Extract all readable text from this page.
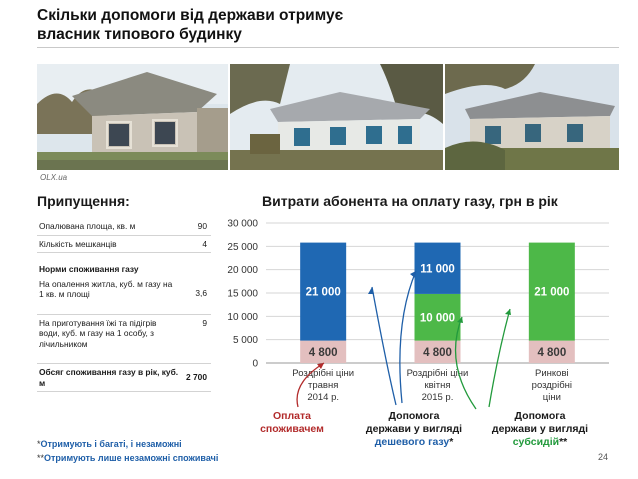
Скільки допомоги від держави отримує
власник типового будинку
OLX.ua
Припущення:	Витрати абонента на оплату газу, грн в рік
Опалювана площа, кв. м	90
Кількість мешканців	4
Норми споживання газу	
На опалення житла, куб. м газу на 1 кв. м площі	3,6
На приготування їжі та підігрів води, куб. м газу на 1 особу, з лічильником	9
Обсяг споживання газу в рік, куб. м	2 700
0
5 000
10 000
15 000
20 000
25 000
30 000
4 800
21 000
Роздрібні ціни
травня
2014 р.
4 800
10 000
11 000
Роздрібні ціни
квітня
2015 р.
4 800
21 000
Ринкові
роздрібні
ціни
Оплата
споживачем
Допомога
держави у вигляді
дешевого газу*
Допомога
держави у вигляді
субсидій**
*Отримують і багаті, і незаможні
**Отримують лише незаможні споживачі	24
